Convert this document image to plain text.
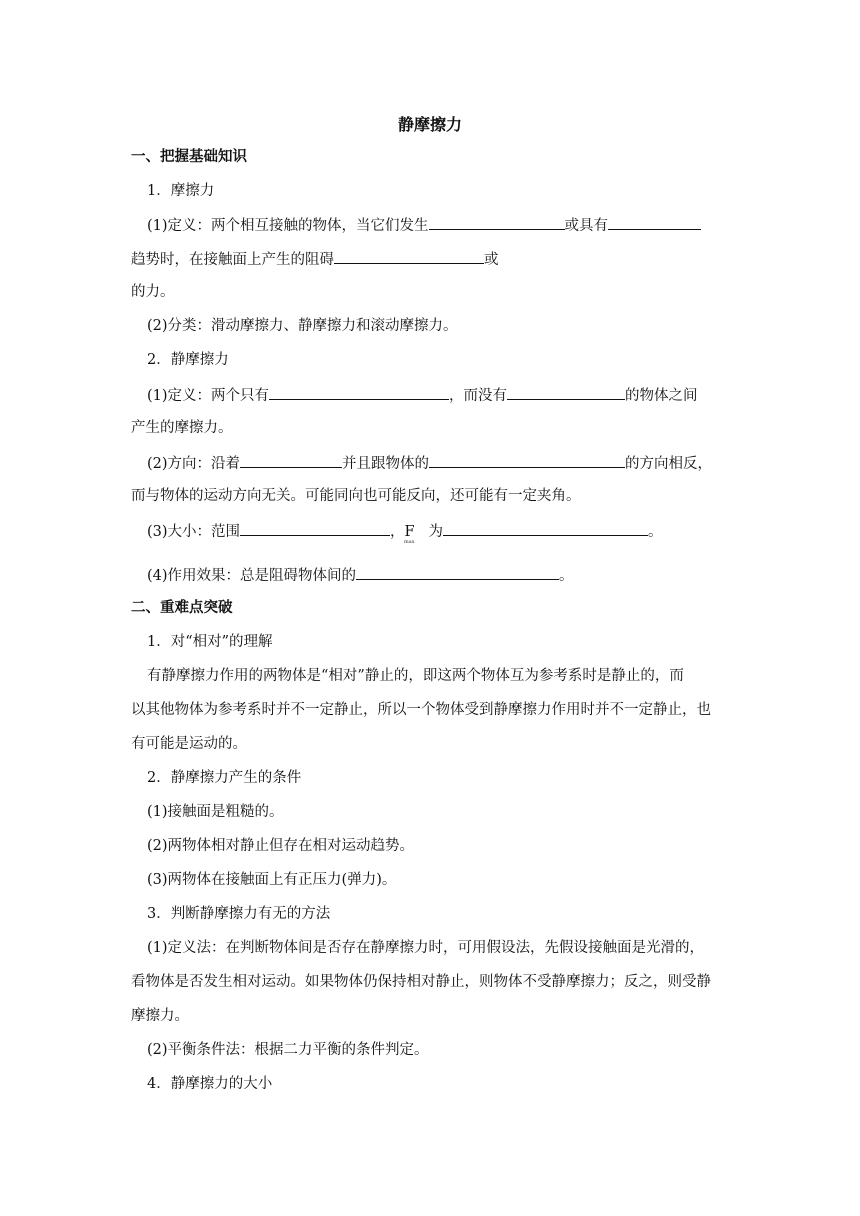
静摩擦力
一、把握基础知识
1．摩擦力
(1)定义：两个相互接触的物体，当它们发生	或具有
趋势时，在接触面上产生的阻碍	或
的力。
(2)分类：滑动摩擦力、静摩擦力和滚动摩擦力。
2．静摩擦力
(1)定义：两个只有	，而没有	的物体之间
产生的摩擦力。
(2)方向：沿着	并且跟物体的	的方向相反，
而与物体的运动方向无关。可能同向也可能反向，还可能有一定夹角。
(3)大小：范围	，F
max
为	。
(4)作用效果：总是阻碍物体间的	。
二、重难点突破
1．对“相对”的理解
有静摩擦力作用的两物体是“相对”静止的，即这两个物体互为参考系时是静止的，而
以其他物体为参考系时并不一定静止，所以一个物体受到静摩擦力作用时并不一定静止，也
有可能是运动的。
2．静摩擦力产生的条件
(1)接触面是粗糙的。
(2)两物体相对静止但存在相对运动趋势。
(3)两物体在接触面上有正压力(弹力)。
3．判断静摩擦力有无的方法
(1)定义法：在判断物体间是否存在静摩擦力时，可用假设法，先假设接触面是光滑的，
看物体是否发生相对运动。如果物体仍保持相对静止，则物体不受静摩擦力；反之，则受静
摩擦力。
(2)平衡条件法：根据二力平衡的条件判定。
4．静摩擦力的大小
